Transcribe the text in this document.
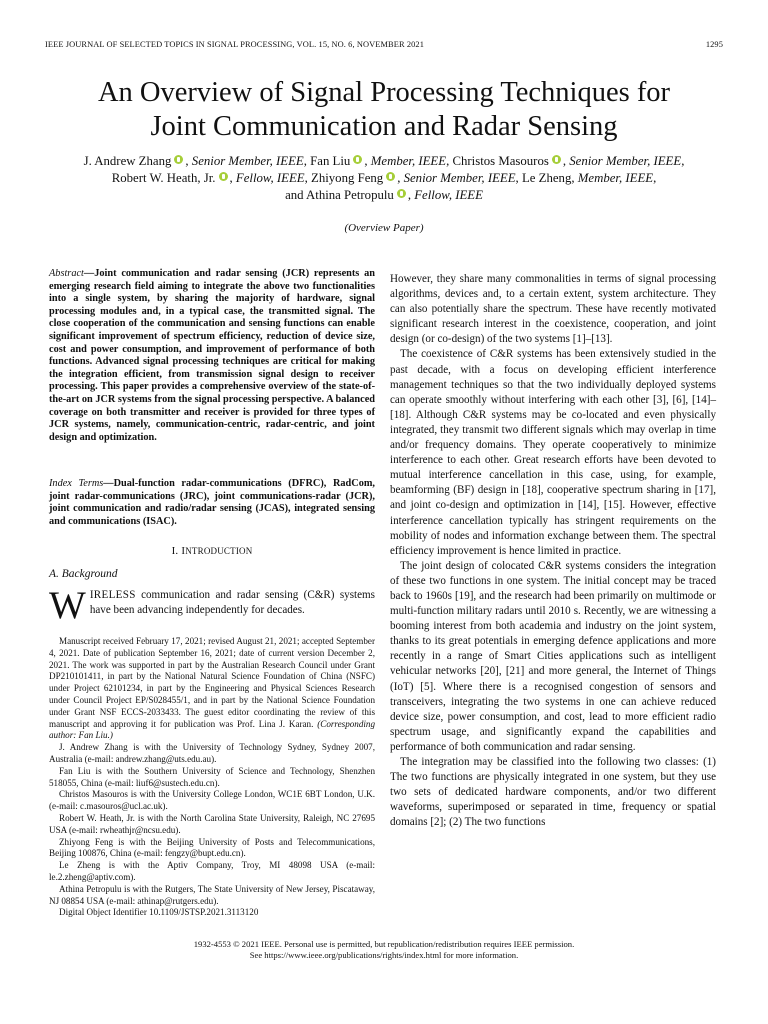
IEEE JOURNAL OF SELECTED TOPICS IN SIGNAL PROCESSING, VOL. 15, NO. 6, NOVEMBER 2021	1295
An Overview of Signal Processing Techniques for
Joint Communication and Radar Sensing
J. Andrew Zhang , Senior Member, IEEE, Fan Liu , Member, IEEE, Christos Masouros , Senior Member, IEEE,
Robert W. Heath, Jr. , Fellow, IEEE, Zhiyong Feng , Senior Member, IEEE, Le Zheng, Member, IEEE,
and Athina Petropulu , Fellow, IEEE
(Overview Paper)
Abstract—Joint communication and radar sensing (JCR) represents an emerging research field aiming to integrate the above two functionalities into a single system, by sharing the majority of hardware, signal processing modules and, in a typical case, the transmitted signal. The close cooperation of the communication and sensing functions can enable significant improvement of spectrum efficiency, reduction of device size, cost and power consumption, and improvement of performance of both functions. Advanced signal processing techniques are critical for making the integration efficient, from transmission signal design to receiver processing. This paper provides a comprehensive overview of the state-of-the-art on JCR systems from the signal processing perspective. A balanced coverage on both transmitter and receiver is provided for three types of JCR systems, namely, communication-centric, radar-centric, and joint design and optimization.
Index Terms—Dual-function radar-communications (DFRC), RadCom, joint radar-communications (JRC), joint communications-radar (JCR), joint communication and radio/radar sensing (JCAS), integrated sensing and communications (ISAC).
I. INTRODUCTION
A. Background
WIRELESS communication and radar sensing (C&R) systems have been advancing independently for decades.

Manuscript received February 17, 2021; revised August 21, 2021; accepted September 4, 2021. Date of publication September 16, 2021; date of current version December 2, 2021. The work was supported in part by the Australian Research Council under Grant DP210101411, in part by the National Natural Science Foundation of China (NSFC) under Project 62101234, in part by the Engineering and Physical Sciences Research under Council Project EP/S028455/1, and in part by the National Science Foundation under Grant NSF ECCS-2033433. The guest editor coordinating the review of this manuscript and approving it for publication was Prof. Lina J. Karan. (Corresponding author: Fan Liu.)

J. Andrew Zhang is with the University of Technology Sydney, Sydney 2007, Australia (e-mail: andrew.zhang@uts.edu.au).

Fan Liu is with the Southern University of Science and Technology, Shenzhen 518055, China (e-mail: liuf6@sustech.edu.cn).

Christos Masouros is with the University College London, WC1E 6BT London, U.K. (e-mail: c.masouros@ucl.ac.uk).

Robert W. Heath, Jr. is with the North Carolina State University, Raleigh, NC 27695 USA (e-mail: rwheathjr@ncsu.edu).

Zhiyong Feng is with the Beijing University of Posts and Telecommunications, Beijing 100876, China (e-mail: fengzy@bupt.edu.cn).

Le Zheng is with the Aptiv Company, Troy, MI 48098 USA (e-mail: le.2.zheng@aptiv.com).

Athina Petropulu is with the Rutgers, The State University of New Jersey, Piscataway, NJ 08854 USA (e-mail: athinap@rutgers.edu).

Digital Object Identifier 10.1109/JSTSP.2021.3113120

However, they share many commonalities in terms of signal processing algorithms, devices and, to a certain extent, system architecture. They can also potentially share the spectrum. These have recently motivated significant research interest in the coexistence, cooperation, and joint design (or co-design) of the two systems [1]–[13].

The coexistence of C&R systems has been extensively studied in the past decade, with a focus on developing efficient interference management techniques so that the two individually deployed systems can operate smoothly without interfering with each other [3], [6], [14]–[18]. Although C&R systems may be co-located and even physically integrated, they transmit two different signals which may overlap in time and/or frequency domains. They operate cooperatively to minimize interference to each other. Great research efforts have been devoted to mutual interference cancellation in this case, using, for example, beamforming (BF) design in [18], cooperative spectrum sharing in [17], and joint co-design and optimization in [14], [15]. However, effective interference cancellation typically has stringent requirements on the mobility of nodes and information exchange between them. The spectral efficiency improvement is hence limited in practice.

The joint design of colocated C&R systems considers the integration of these two functions in one system. The initial concept may be traced back to 1960s [19], and the research had been primarily on multimode or multi-function military radars until 2010 s. Recently, we are witnessing a booming interest from both academia and industry on the joint system, thanks to its great potentials in emerging defence applications and more recently in a range of Smart Cities applications such as intelligent vehicular networks [20], [21] and more general, the Internet of Things (IoT) [5]. Where there is a recognised congestion of sensors and transceivers, integrating the two systems in one can achieve reduced device size, power consumption, and cost, lead to more efficient radio spectrum usage, and significantly expand the capabilities and performance of both communication and radar sensing.

The integration may be classified into the following two classes: (1) The two functions are physically integrated in one system, but they use two sets of dedicated hardware components, and/or two different waveforms, superimposed or separated in time, frequency or spatial domains [2]; (2) The two functions

1932-4553 © 2021 IEEE. Personal use is permitted, but republication/redistribution requires IEEE permission.
See https://www.ieee.org/publications/rights/index.html for more information.
